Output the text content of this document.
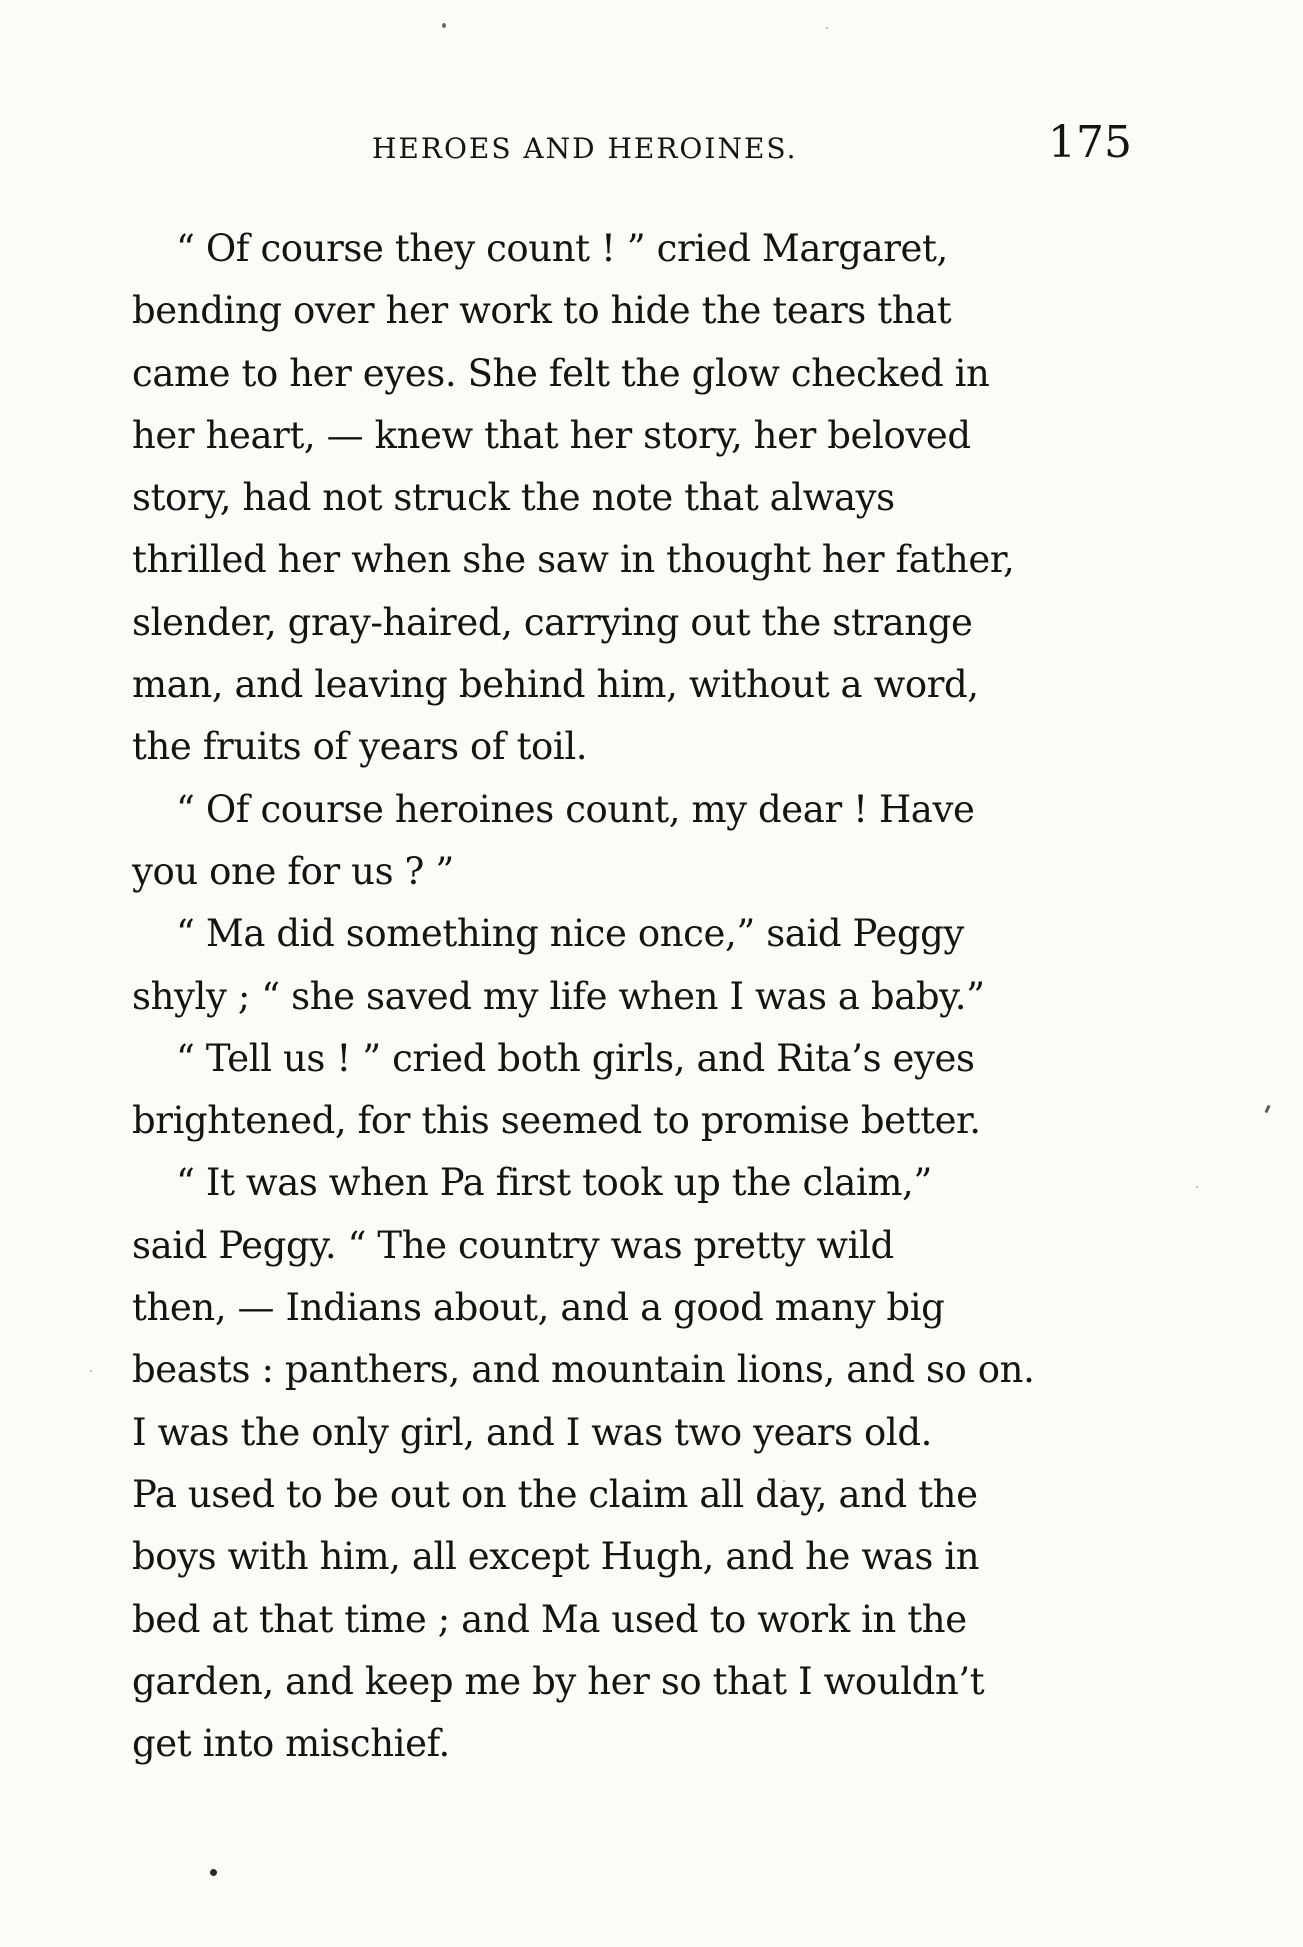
HEROES AND HEROINES.	175

“ Of course they count ! ” cried Margaret,
bending over her work to hide the tears that
came to her eyes. She felt the glow checked in
her heart, — knew that her story, her beloved
story, had not struck the note that always
thrilled her when she saw in thought her father,
slender, gray-haired, carrying out the strange
man, and leaving behind him, without a word,
the fruits of years of toil.

“ Of course heroines count, my dear ! Have
you one for us ? ”

“ Ma did something nice once,” said Peggy
shyly ; “ she saved my life when I was a baby.”

“ Tell us ! ” cried both girls, and Rita’s eyes
brightened, for this seemed to promise better.

“ It was when Pa first took up the claim,”
said Peggy. “ The country was pretty wild
then, — Indians about, and a good many big
beasts : panthers, and mountain lions, and so on.
I was the only girl, and I was two years old.
Pa used to be out on the claim all day, and the
boys with him, all except Hugh, and he was in
bed at that time ; and Ma used to work in the
garden, and keep me by her so that I wouldn’t
get into mischief.
